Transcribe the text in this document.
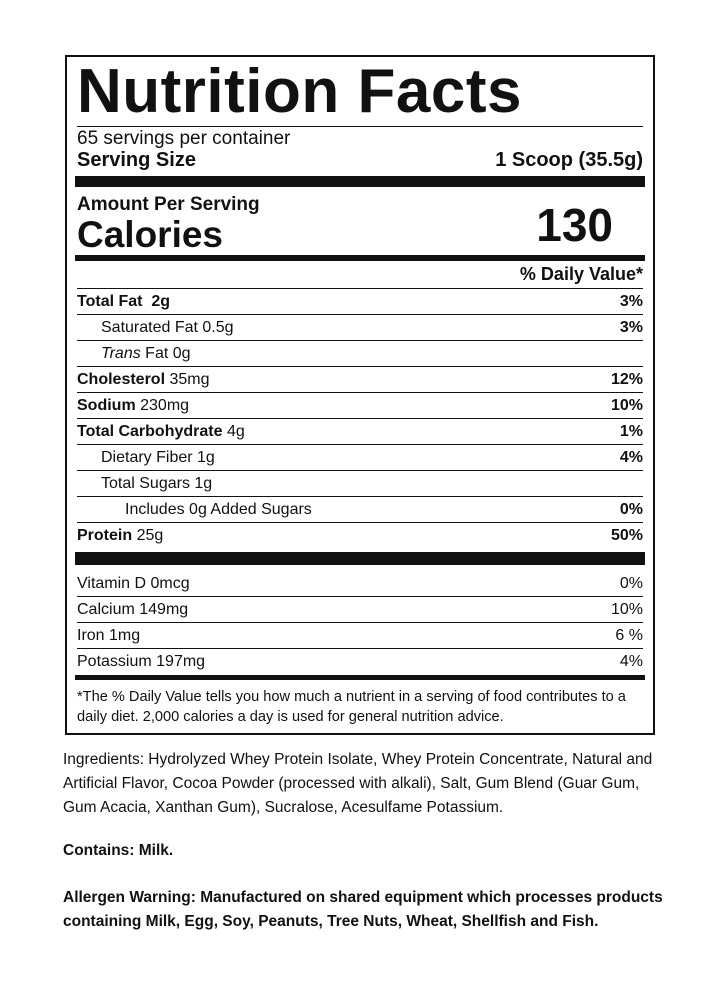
Nutrition Facts
65 servings per container
Serving Size	1 Scoop (35.5g)
Amount Per Serving
Calories	130
% Daily Value*
Total Fat 2g	3%
Saturated Fat 0.5g	3%
Trans Fat 0g
Cholesterol 35mg	12%
Sodium 230mg	10%
Total Carbohydrate 4g	1%
Dietary Fiber 1g	4%
Total Sugars 1g
Includes 0g Added Sugars	0%
Protein 25g	50%
Vitamin D 0mcg	0%
Calcium 149mg	10%
Iron 1mg	6 %
Potassium 197mg	4%
*The % Daily Value tells you how much a nutrient in a serving of food contributes to a daily diet. 2,000 calories a day is used for general nutrition advice.

Ingredients: Hydrolyzed Whey Protein Isolate, Whey Protein Concentrate, Natural and Artificial Flavor, Cocoa Powder (processed with alkali), Salt, Gum Blend (Guar Gum, Gum Acacia, Xanthan Gum), Sucralose, Acesulfame Potassium.

Contains: Milk.

Allergen Warning: Manufactured on shared equipment which processes products containing Milk, Egg, Soy, Peanuts, Tree Nuts, Wheat, Shellfish and Fish.
